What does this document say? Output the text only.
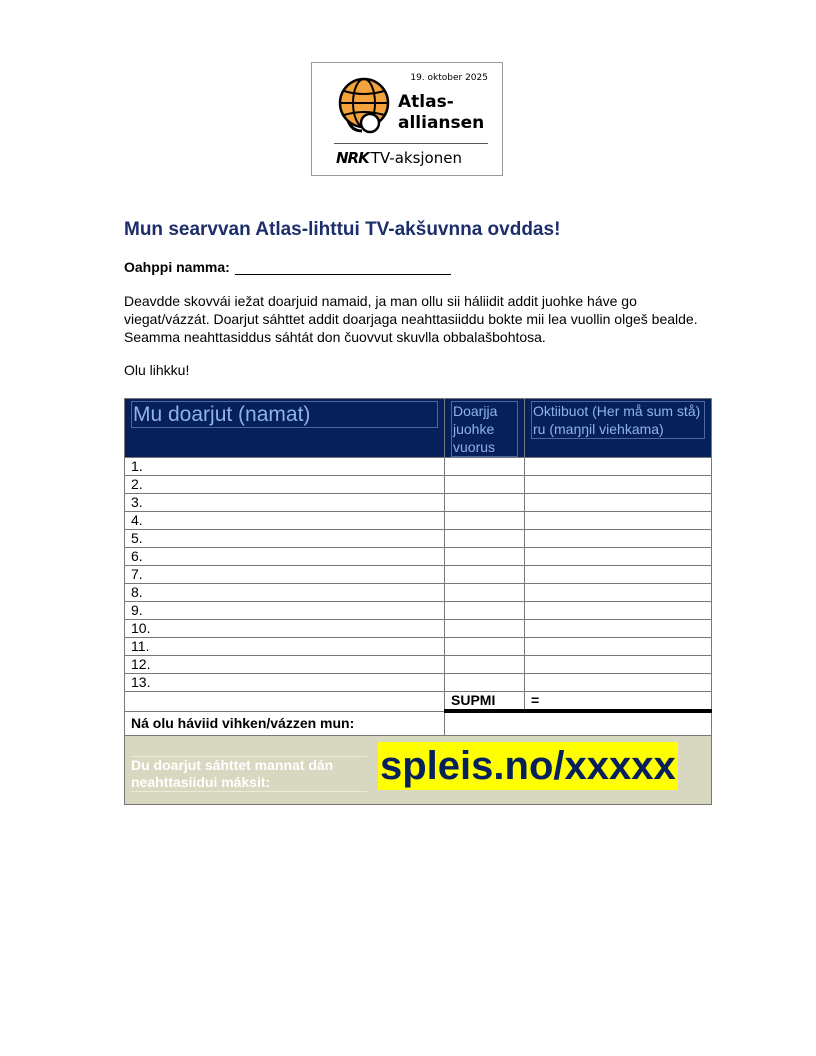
19. oktober 2025
Atlas-
alliansen
NRK TV-aksjonen
Mun searvvan Atlas-lihttui TV-akšuvnna ovddas!
Oahppi namma:

Deavdde skovvái iežat doarjuid namaid, ja man ollu sii háliidit addit juohke háve go viegat/vázzát. Doarjut sáhttet addit doarjaga neahttasiiddu bokte mii lea vuollin olgeš bealde. Seamma neahttasiddus sáhtát don čuovvut skuvlla obbalašbohtosa.

Olu lihkku!

Mu doarjut (namat)	Doarjja juohke vuorus	Oktiibuot (Her må sum stå) ru (maŋŋil viehkama)

1.		
2.		
3.		
4.		
5.		
6.		
7.		
8.		
9.		
10.		
11.		
12.		
13.		
	SUPMI	=
Ná olu háviid vihken/vázzen mun:		

Du doarjut sáhttet mannat dán neahttasiidui máksit: spleis.no/xxxxx		
